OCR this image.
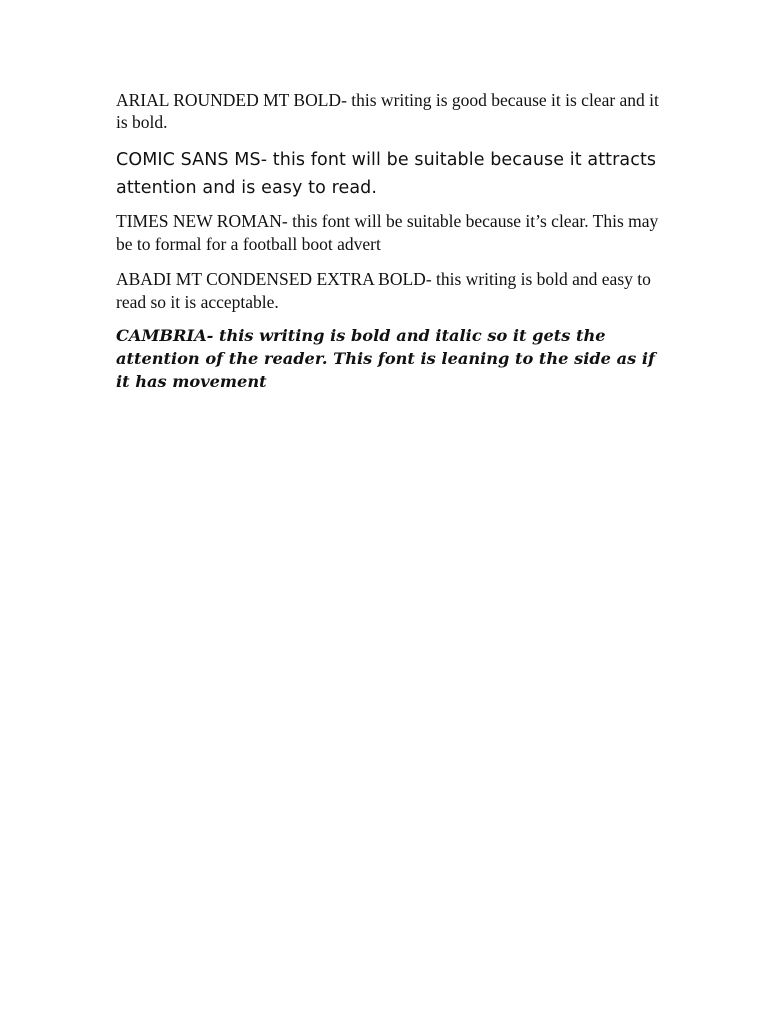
ARIAL ROUNDED MT BOLD- this writing is good because it is clear and it is bold.

COMIC SANS MS- this font will be suitable because it attracts attention and is easy to read.

TIMES NEW ROMAN- this font will be suitable because it’s clear. This may be to formal for a football boot advert

ABADI MT CONDENSED EXTRA BOLD- this writing is bold and easy to read so it is acceptable.

CAMBRIA- this writing is bold and italic so it gets the attention of the reader. This font is leaning to the side as if it has movement
